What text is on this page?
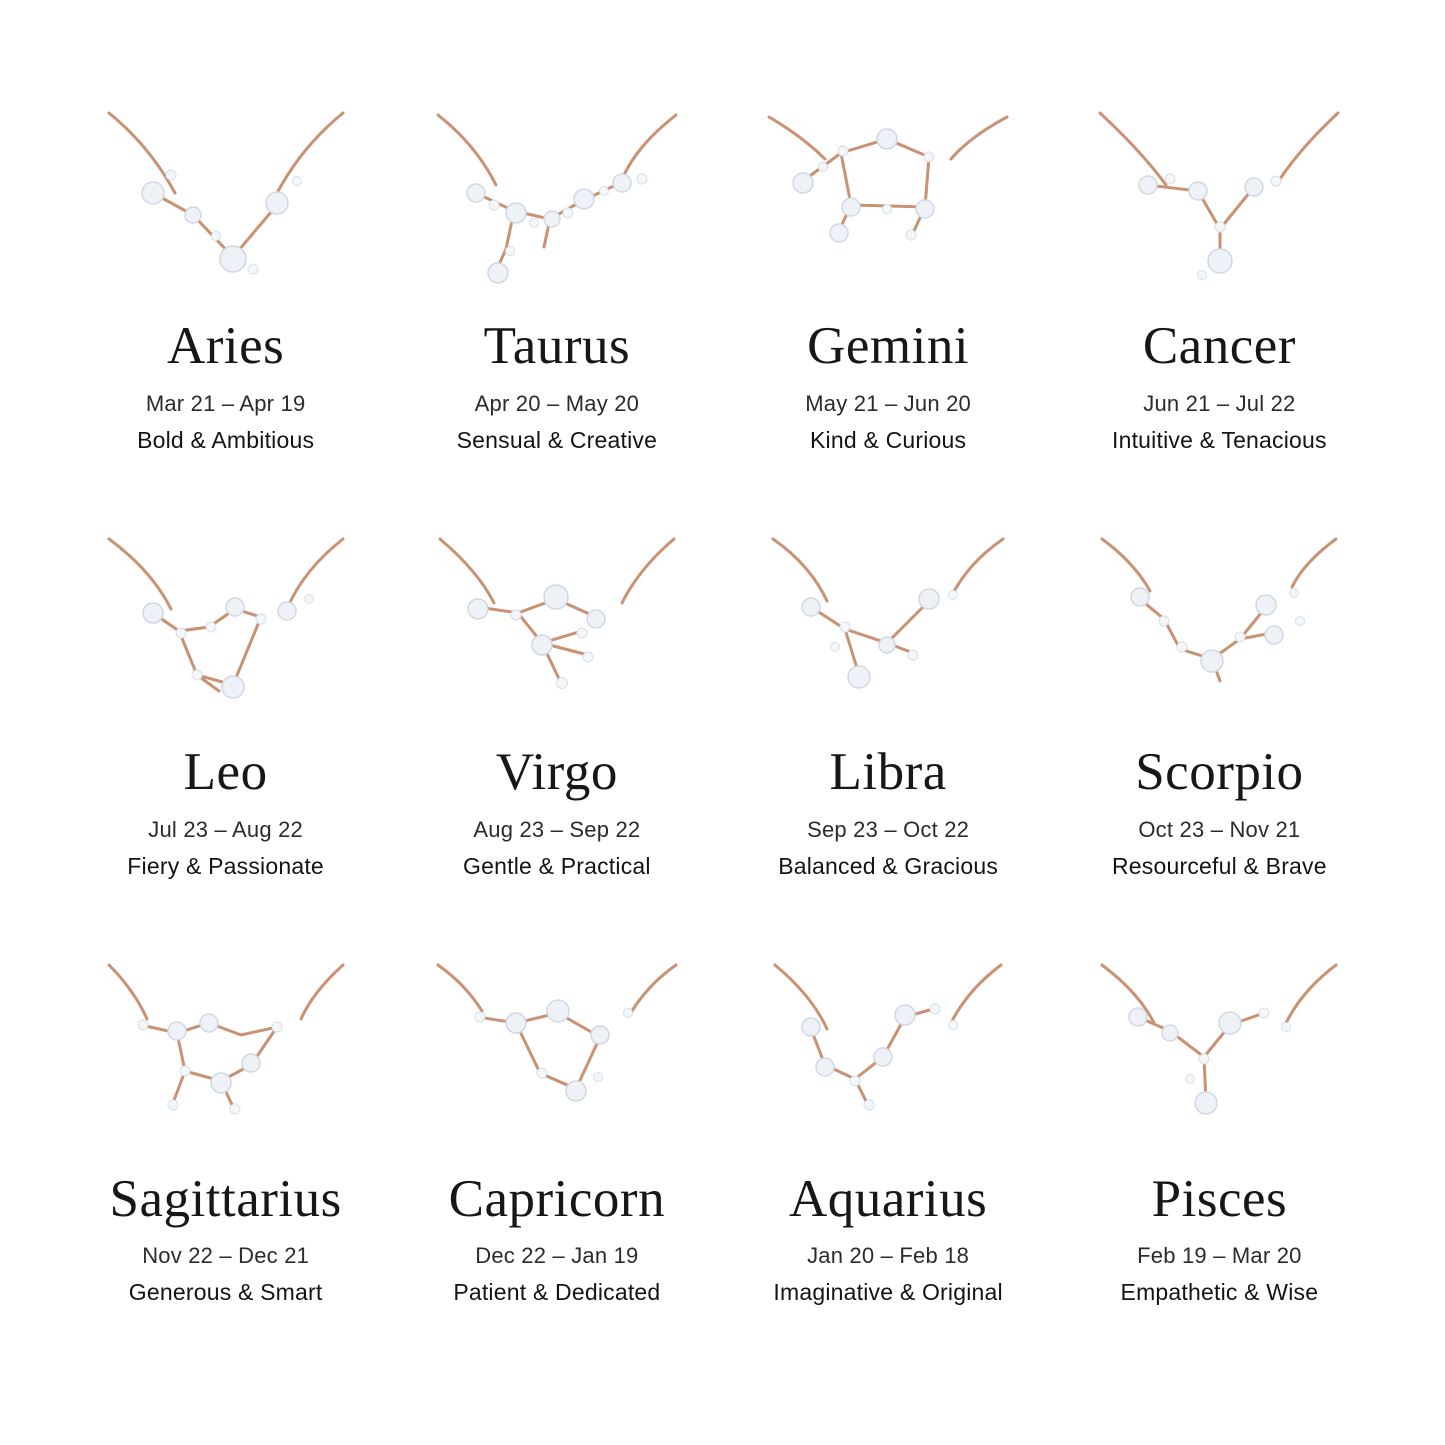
Aries
Mar 21 – Apr 19
Bold & Ambitious
Taurus
Apr 20 – May 20
Sensual & Creative
Gemini
May 21 – Jun 20
Kind & Curious
Cancer
Jun 21 – Jul 22
Intuitive & Tenacious
Leo
Jul 23 – Aug 22
Fiery & Passionate
Virgo
Aug 23 – Sep 22
Gentle & Practical
Libra
Sep 23 – Oct 22
Balanced & Gracious
Scorpio
Oct 23 – Nov 21
Resourceful & Brave
Sagittarius
Nov 22 – Dec 21
Generous & Smart
Capricorn
Dec 22 – Jan 19
Patient & Dedicated
Aquarius
Jan 20 – Feb 18
Imaginative & Original
Pisces
Feb 19 – Mar 20
Empathetic & Wise
